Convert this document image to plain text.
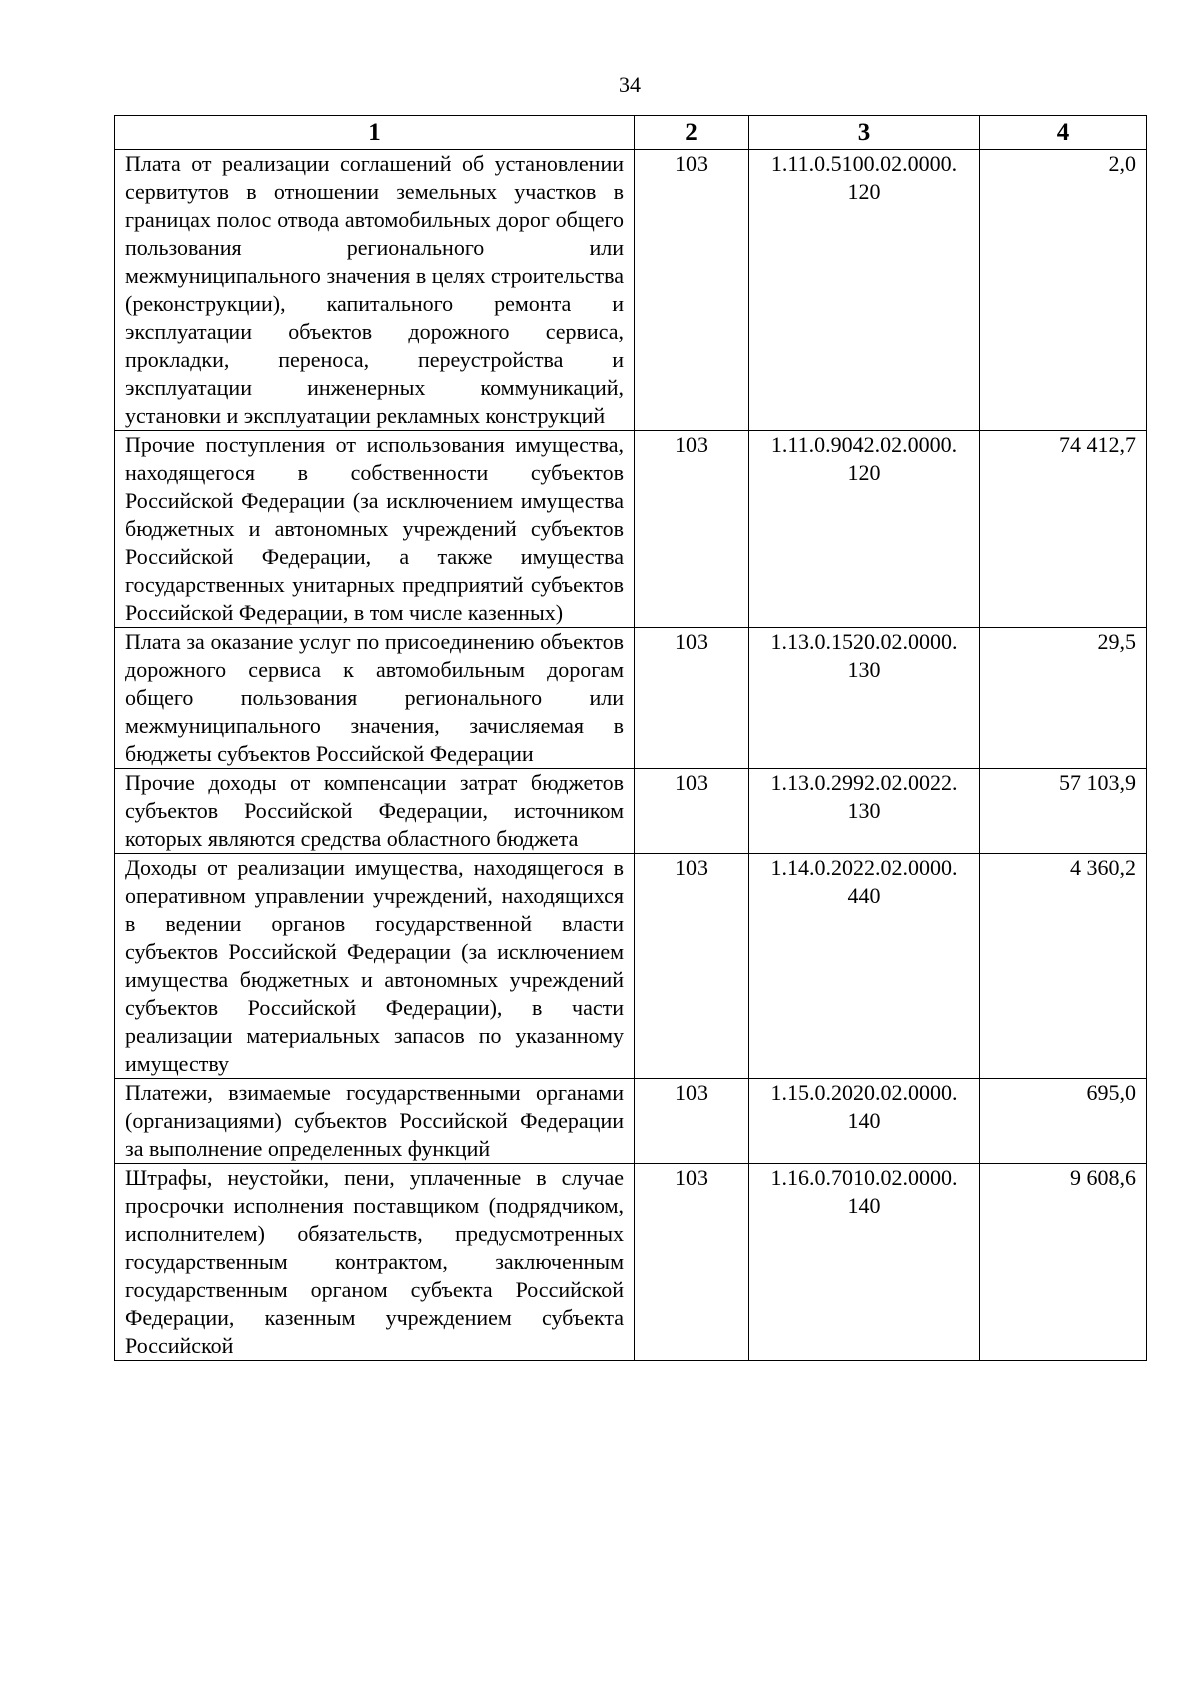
34
1	2	3	4
Плата от реализации соглашений об установлении сервитутов в отношении земельных участков в границах полос отвода автомобильных дорог общего пользования регионального или межмуниципального значения в целях строительства (реконструкции), капитального ремонта и эксплуатации объектов дорожного сервиса, прокладки, переноса, переустройства и эксплуатации инженерных коммуникаций, установки и эксплуатации рекламных конструкций	103	1.11.0.5100.02.0000.
120	2,0
Прочие поступления от использования имущества, находящегося в собственности субъектов Российской Федерации (за исключением имущества бюджетных и автономных учреждений субъектов Российской Федерации, а также имущества государственных унитарных предприятий субъектов Российской Федерации, в том числе казенных)	103	1.11.0.9042.02.0000.
120	74 412,7
Плата за оказание услуг по присоединению объектов дорожного сервиса к автомобильным дорогам общего пользования регионального или межмуниципального значения, зачисляемая в бюджеты субъектов Российской Федерации	103	1.13.0.1520.02.0000.
130	29,5
Прочие доходы от компенсации затрат бюджетов субъектов Российской Федерации, источником которых являются средства областного бюджета	103	1.13.0.2992.02.0022.
130	57 103,9
Доходы от реализации имущества, находящегося в оперативном управлении учреждений, находящихся в ведении органов государственной власти субъектов Российской Федерации (за исключением имущества бюджетных и автономных учреждений субъектов Российской Федерации), в части реализации материальных запасов по указанному имуществу	103	1.14.0.2022.02.0000.
440	4 360,2
Платежи, взимаемые государственными органами (организациями) субъектов Российской Федерации за выполнение определенных функций	103	1.15.0.2020.02.0000.
140	695,0
Штрафы, неустойки, пени, уплаченные в случае просрочки исполнения поставщиком (подрядчиком, исполнителем) обязательств, предусмотренных государственным контрактом, заключенным государственным органом субъекта Российской Федерации, казенным учреждением субъекта Российской	103	1.16.0.7010.02.0000.
140	9 608,6
